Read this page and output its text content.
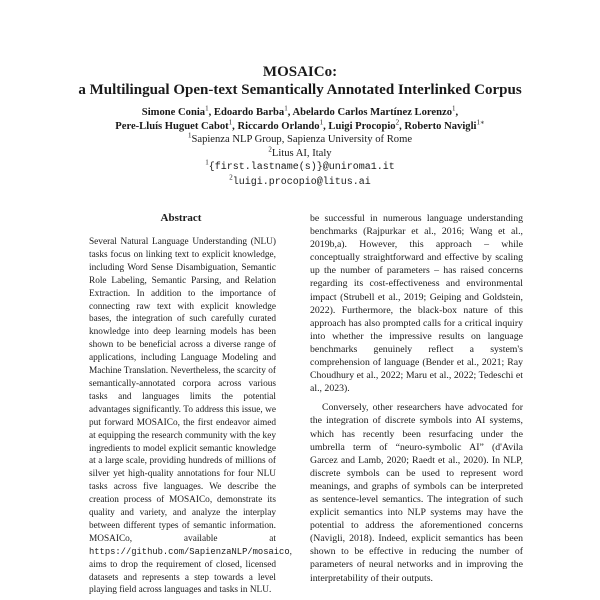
MOSAICo:

a Multilingual Open-text Semantically Annotated Interlinked Corpus

Simone Conia$^1$, Edoardo Barba$^1$, Abelardo Carlos Martínez Lorenzo$^1$,
Pere-Lluís Huguet Cabot$^1$, Riccardo Orlando$^1$, Luigi Procopio$^2$, Roberto Navigli$^{1∗}$
$^1$Sapienza NLP Group, Sapienza University of Rome
$^2$Litus AI, Italy
$^1${first.lastname(s)}@uniroma1.it
$^2$luigi.procopio@litus.ai
Abstract
Several Natural Language Understanding (NLU) tasks focus on linking text to explicit knowledge, including Word Sense Disambiguation, Semantic Role Labeling, Semantic Parsing, and Relation Extraction. In addition to the importance of connecting raw text with explicit knowledge bases, the integration of such carefully curated knowledge into deep learning models has been shown to be beneficial across a diverse range of applications, including Language Modeling and Machine Translation. Nevertheless, the scarcity of semantically-annotated corpora across various tasks and languages limits the potential advantages significantly. To address this issue, we put forward MOSAICo, the first endeavor aimed at equipping the research community with the key ingredients to model explicit semantic knowledge at a large scale, providing hundreds of millions of silver yet high-quality annotations for four NLU tasks across five languages. We describe the creation process of MOSAICo, demonstrate its quality and variety, and analyze the interplay between different types of semantic information. MOSAICo, available at https://github.com/SapienzaNLP/mosaico, aims to drop the requirement of closed, licensed datasets and represents a step towards a level playing field across languages and tasks in NLU.

be successful in numerous language understanding benchmarks (Rajpurkar et al., 2016; Wang et al., 2019b,a). However, this approach – while conceptually straightforward and effective by scaling up the number of parameters – has raised concerns regarding its cost-effectiveness and environmental impact (Strubell et al., 2019; Geiping and Goldstein, 2022). Furthermore, the black-box nature of this approach has also prompted calls for a critical inquiry into whether the impressive results on language benchmarks genuinely reflect a system's comprehension of language (Bender et al., 2021; Ray Choudhury et al., 2022; Maru et al., 2022; Tedeschi et al., 2023).

Conversely, other researchers have advocated for the integration of discrete symbols into AI systems, which has recently been resurfacing under the umbrella term of “neuro-symbolic AI” (d'Avila Garcez and Lamb, 2020; Raedt et al., 2020). In NLP, discrete symbols can be used to represent word meanings, and graphs of symbols can be interpreted as sentence-level semantics. The integration of such explicit semantics into NLP systems may have the potential to address the aforementioned concerns (Navigli, 2018). Indeed, explicit semantics has been shown to be effective in reducing the number of parameters of neural networks and in improving the interpretability of their outputs.
